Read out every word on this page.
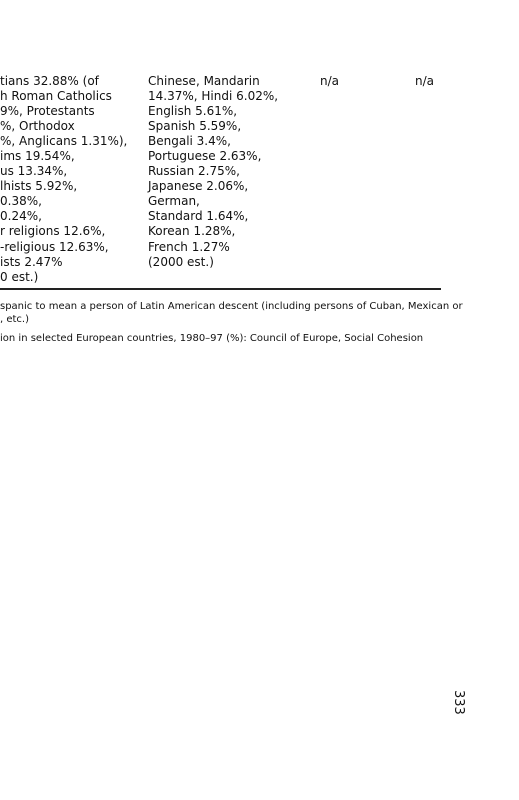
tians 32.88% (of
h Roman Catholics
9%, Protestants
%, Orthodox
%, Anglicans 1.31%),
ims 19.54%,
us 13.34%,
lhists 5.92%,
0.38%,
0.24%,
r religions 12.6%,
-religious 12.63%,
ists 2.47%
0 est.)
Chinese, Mandarin
14.37%, Hindi 6.02%,
English 5.61%,
Spanish 5.59%,
Bengali 3.4%,
Portuguese 2.63%,
Russian 2.75%,
Japanese 2.06%,
German,
Standard 1.64%,
Korean 1.28%,
French 1.27%
(2000 est.)
n/a	n/a
spanic to mean a person of Latin American descent (including persons of Cuban, Mexican or
, etc.)
ion in selected European countries, 1980–97 (%): Council of Europe, Social Cohesion
333
